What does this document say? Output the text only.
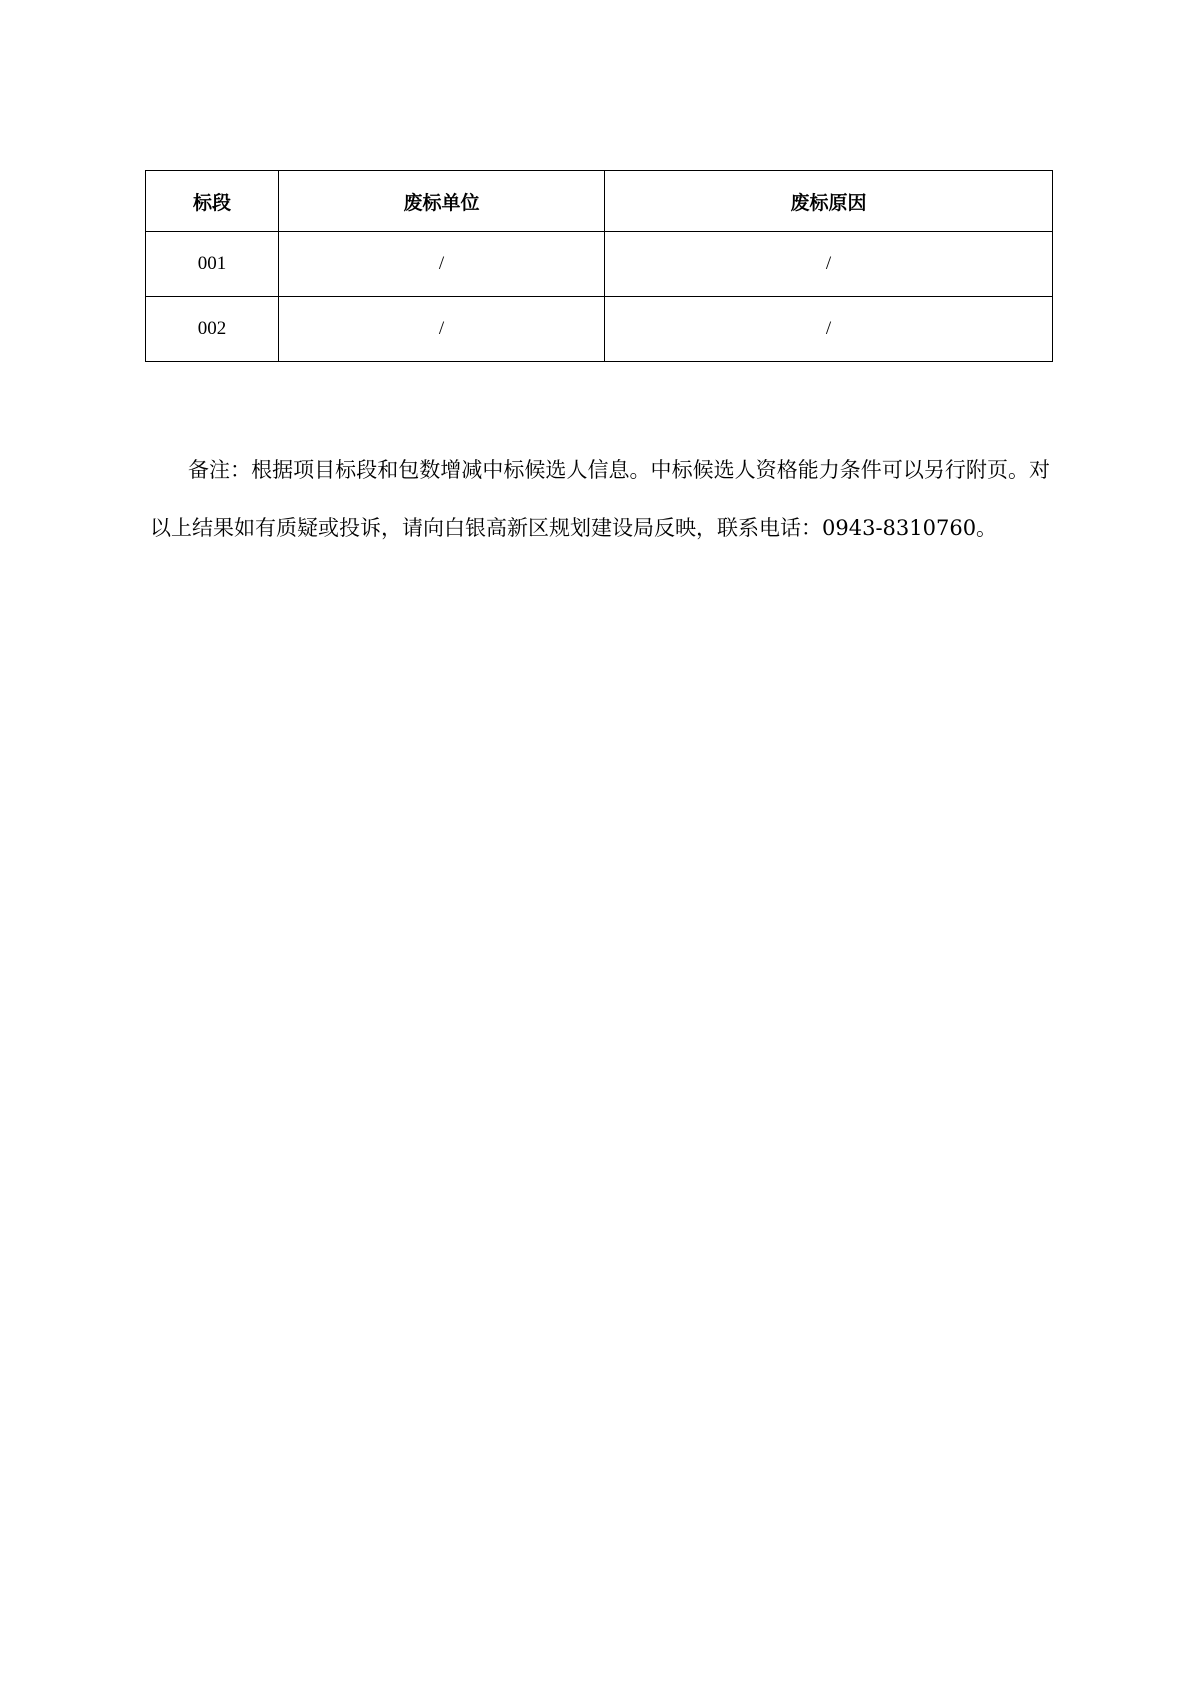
标段	废标单位	废标原因
001	/	/
002	/	/

备注：根据项目标段和包数增减中标候选人信息。中标候选人资格能力条件可以另行附页。对以上结果如有质疑或投诉，请向白银高新区规划建设局反映，联系电话：0943-8310760。
